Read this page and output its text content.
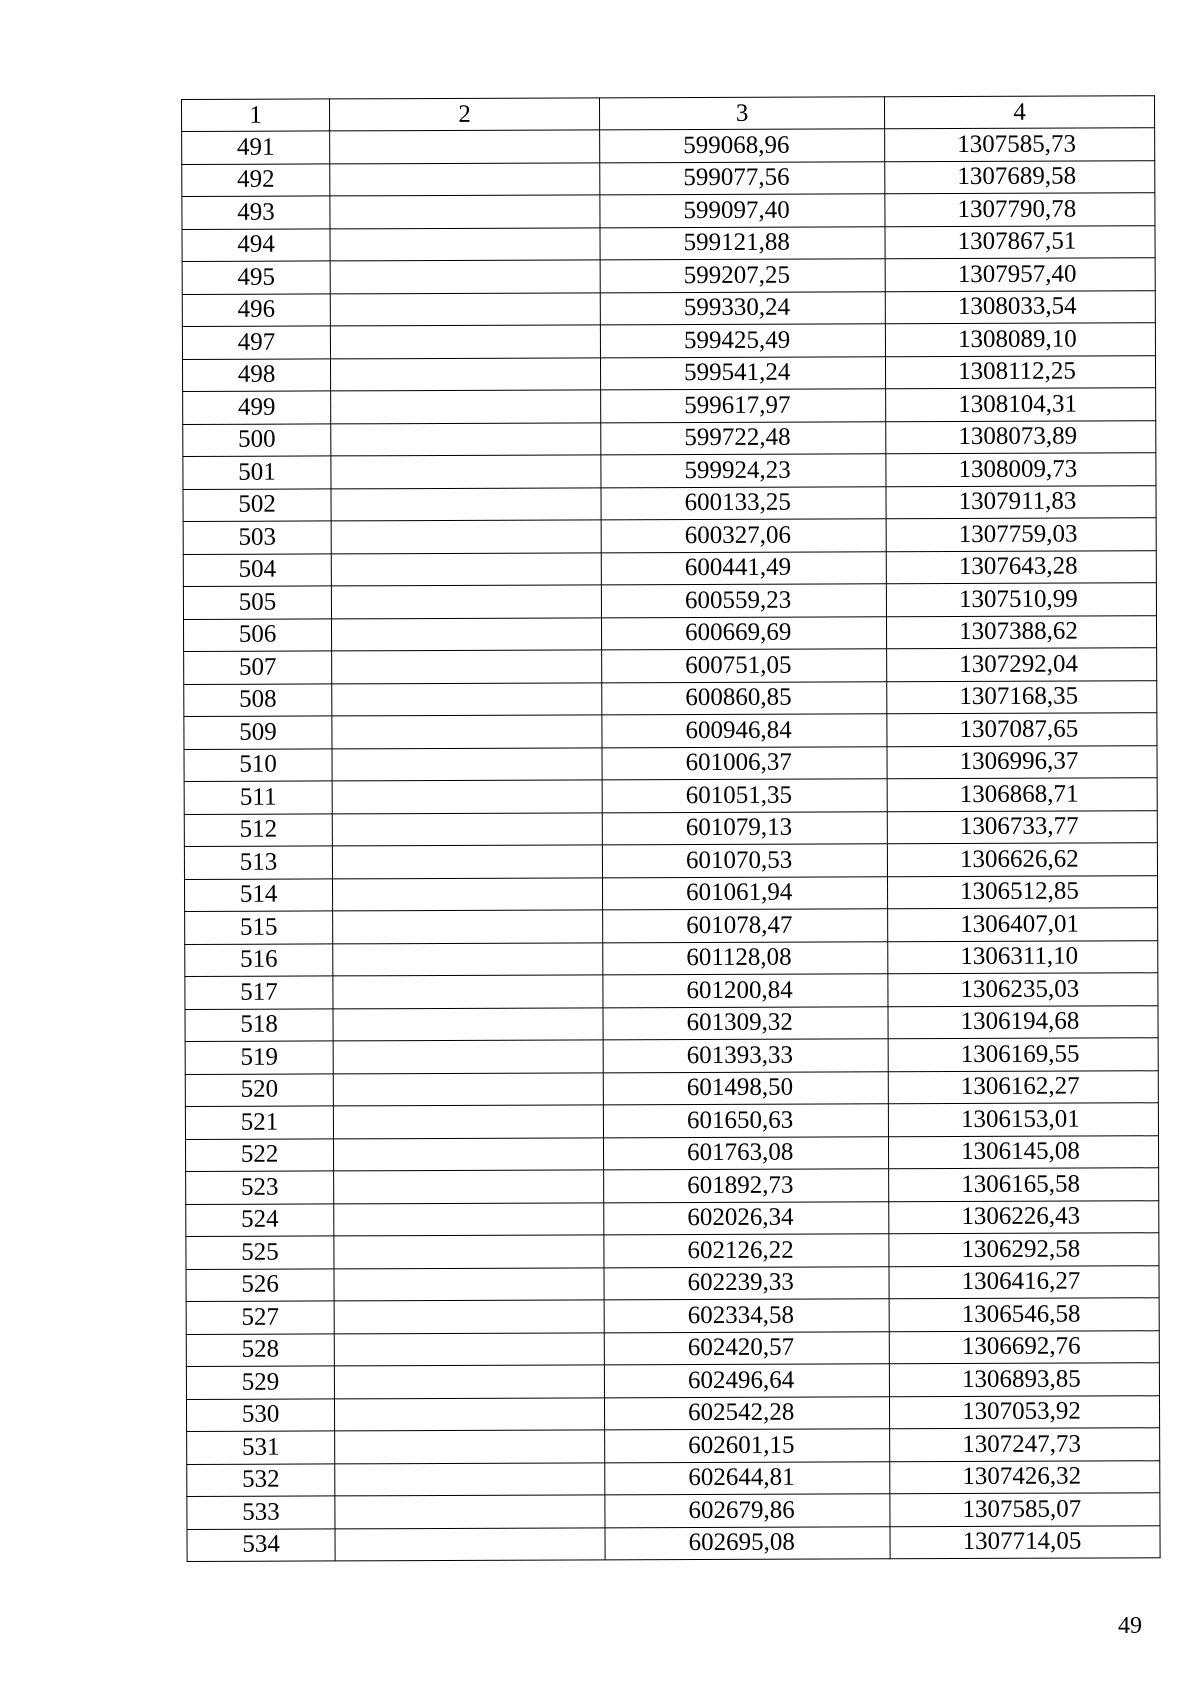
1	2	3	4
491		599068,96	1307585,73
492		599077,56	1307689,58
493		599097,40	1307790,78
494		599121,88	1307867,51
495		599207,25	1307957,40
496		599330,24	1308033,54
497		599425,49	1308089,10
498		599541,24	1308112,25
499		599617,97	1308104,31
500		599722,48	1308073,89
501		599924,23	1308009,73
502		600133,25	1307911,83
503		600327,06	1307759,03
504		600441,49	1307643,28
505		600559,23	1307510,99
506		600669,69	1307388,62
507		600751,05	1307292,04
508		600860,85	1307168,35
509		600946,84	1307087,65
510		601006,37	1306996,37
511		601051,35	1306868,71
512		601079,13	1306733,77
513		601070,53	1306626,62
514		601061,94	1306512,85
515		601078,47	1306407,01
516		601128,08	1306311,10
517		601200,84	1306235,03
518		601309,32	1306194,68
519		601393,33	1306169,55
520		601498,50	1306162,27
521		601650,63	1306153,01
522		601763,08	1306145,08
523		601892,73	1306165,58
524		602026,34	1306226,43
525		602126,22	1306292,58
526		602239,33	1306416,27
527		602334,58	1306546,58
528		602420,57	1306692,76
529		602496,64	1306893,85
530		602542,28	1307053,92
531		602601,15	1307247,73
532		602644,81	1307426,32
533		602679,86	1307585,07
534		602695,08	1307714,05
49
